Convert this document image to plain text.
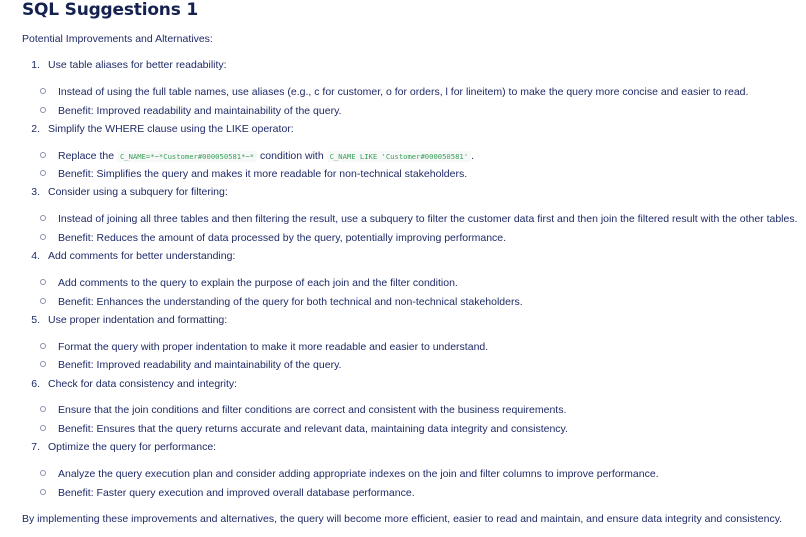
SQL Suggestions 1
Potential Improvements and Alternatives:
1. Use table aliases for better readability:
Instead of using the full table names, use aliases (e.g., c for customer, o for orders, l for lineitem) to make the query more concise and easier to read.
Benefit: Improved readability and maintainability of the query.
2. Simplify the WHERE clause using the LIKE operator:
Replace the C_NAME=*~*Customer#000050581*~* condition with C_NAME LIKE 'Customer#000050581' .
Benefit: Simplifies the query and makes it more readable for non-technical stakeholders.
3. Consider using a subquery for filtering:
Instead of joining all three tables and then filtering the result, use a subquery to filter the customer data first and then join the filtered result with the other tables.
Benefit: Reduces the amount of data processed by the query, potentially improving performance.
4. Add comments for better understanding:
Add comments to the query to explain the purpose of each join and the filter condition.
Benefit: Enhances the understanding of the query for both technical and non-technical stakeholders.
5. Use proper indentation and formatting:
Format the query with proper indentation to make it more readable and easier to understand.
Benefit: Improved readability and maintainability of the query.
6. Check for data consistency and integrity:
Ensure that the join conditions and filter conditions are correct and consistent with the business requirements.
Benefit: Ensures that the query returns accurate and relevant data, maintaining data integrity and consistency.
7. Optimize the query for performance:
Analyze the query execution plan and consider adding appropriate indexes on the join and filter columns to improve performance.
Benefit: Faster query execution and improved overall database performance.
By implementing these improvements and alternatives, the query will become more efficient, easier to read and maintain, and ensure data integrity and consistency.
